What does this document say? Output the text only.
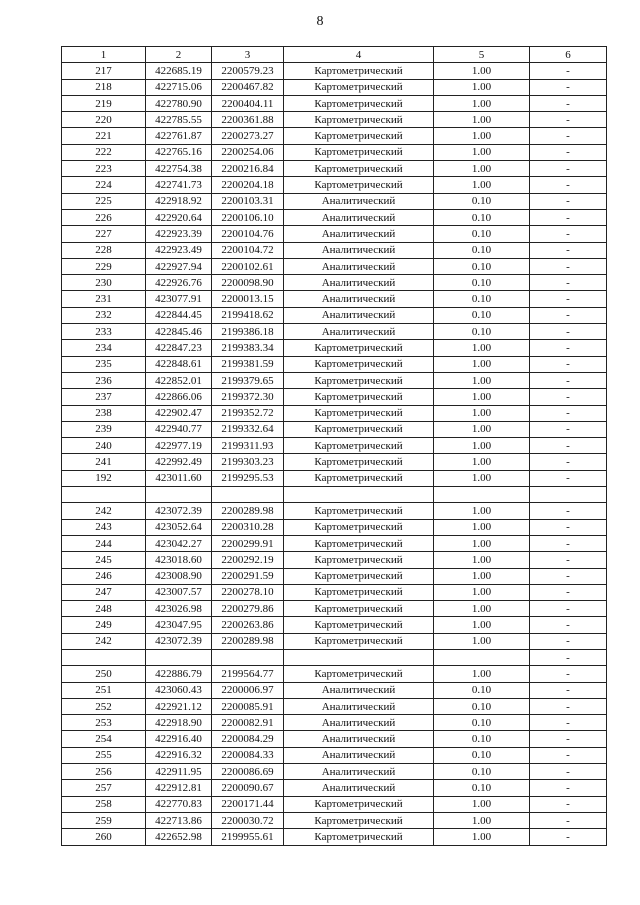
8
1	2	3	4	5	6
217	422685.19	2200579.23	Картометрический	1.00	-
218	422715.06	2200467.82	Картометрический	1.00	-
219	422780.90	2200404.11	Картометрический	1.00	-
220	422785.55	2200361.88	Картометрический	1.00	-
221	422761.87	2200273.27	Картометрический	1.00	-
222	422765.16	2200254.06	Картометрический	1.00	-
223	422754.38	2200216.84	Картометрический	1.00	-
224	422741.73	2200204.18	Картометрический	1.00	-
225	422918.92	2200103.31	Аналитический	0.10	-
226	422920.64	2200106.10	Аналитический	0.10	-
227	422923.39	2200104.76	Аналитический	0.10	-
228	422923.49	2200104.72	Аналитический	0.10	-
229	422927.94	2200102.61	Аналитический	0.10	-
230	422926.76	2200098.90	Аналитический	0.10	-
231	423077.91	2200013.15	Аналитический	0.10	-
232	422844.45	2199418.62	Аналитический	0.10	-
233	422845.46	2199386.18	Аналитический	0.10	-
234	422847.23	2199383.34	Картометрический	1.00	-
235	422848.61	2199381.59	Картометрический	1.00	-
236	422852.01	2199379.65	Картометрический	1.00	-
237	422866.06	2199372.30	Картометрический	1.00	-
238	422902.47	2199352.72	Картометрический	1.00	-
239	422940.77	2199332.64	Картометрический	1.00	-
240	422977.19	2199311.93	Картометрический	1.00	-
241	422992.49	2199303.23	Картометрический	1.00	-
192	423011.60	2199295.53	Картометрический	1.00	-

242	423072.39	2200289.98	Картометрический	1.00	-
243	423052.64	2200310.28	Картометрический	1.00	-
244	423042.27	2200299.91	Картометрический	1.00	-
245	423018.60	2200292.19	Картометрический	1.00	-
246	423008.90	2200291.59	Картометрический	1.00	-
247	423007.57	2200278.10	Картометрический	1.00	-
248	423026.98	2200279.86	Картометрический	1.00	-
249	423047.95	2200263.86	Картометрический	1.00	-
242	423072.39	2200289.98	Картометрический	1.00	-
					-
250	422886.79	2199564.77	Картометрический	1.00	-
251	423060.43	2200006.97	Аналитический	0.10	-
252	422921.12	2200085.91	Аналитический	0.10	-
253	422918.90	2200082.91	Аналитический	0.10	-
254	422916.40	2200084.29	Аналитический	0.10	-
255	422916.32	2200084.33	Аналитический	0.10	-
256	422911.95	2200086.69	Аналитический	0.10	-
257	422912.81	2200090.67	Аналитический	0.10	-
258	422770.83	2200171.44	Картометрический	1.00	-
259	422713.86	2200030.72	Картометрический	1.00	-
260	422652.98	2199955.61	Картометрический	1.00	-
